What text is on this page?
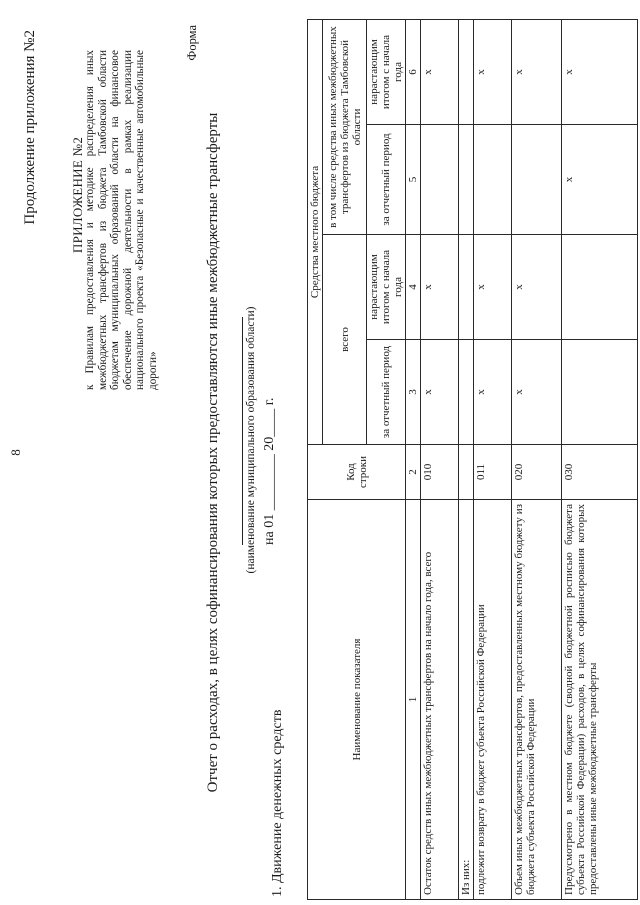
8
Продолжение приложения №2 ПРИЛОЖЕНИЕ №2 к Правилам предоставления и методике распределения иных межбюджетных трансфертов из бюджета Тамбовской области бюджетам муниципальных образований области на финансовое обеспечение дорожной деятельности в рамках реализации национального проекта «Безопасные и качественные автомобильные дороги»

Форма
Отчет о расходах, в целях софинансирования которых предоставляются иные межбюджетные трансферты (наименование муниципального образования области) на 01 ________ 20____ г.
1. Движение денежных средств
Наименование показателя	Код строки	Средства местного бюджета			
		всего		в том числе средства иных межбюджетных трансфертов из бюджета Тамбовской области	
		за отчетный период	нарастающим итогом с начала года	за отчетный период	нарастающим итогом с начала года
1	2	3	4	5	6
Остаток средств иных межбюджетных трансфертов на начало года, всего	010	х	х		х
Из них:					
подлежит возврату в бюджет субъекта Российской Федерации	011	х	х		х
Объем иных межбюджетных трансфертов, предоставленных местному бюджету из бюджета субъекта Российской Федерации	020	х	х		х
Предусмотрено в местном бюджете (сводной бюджетной росписью бюджета субъекта Российской Федерации) расходов, в целях софинансирования которых предоставлены иные межбюджетные трансферты	030			х	х
